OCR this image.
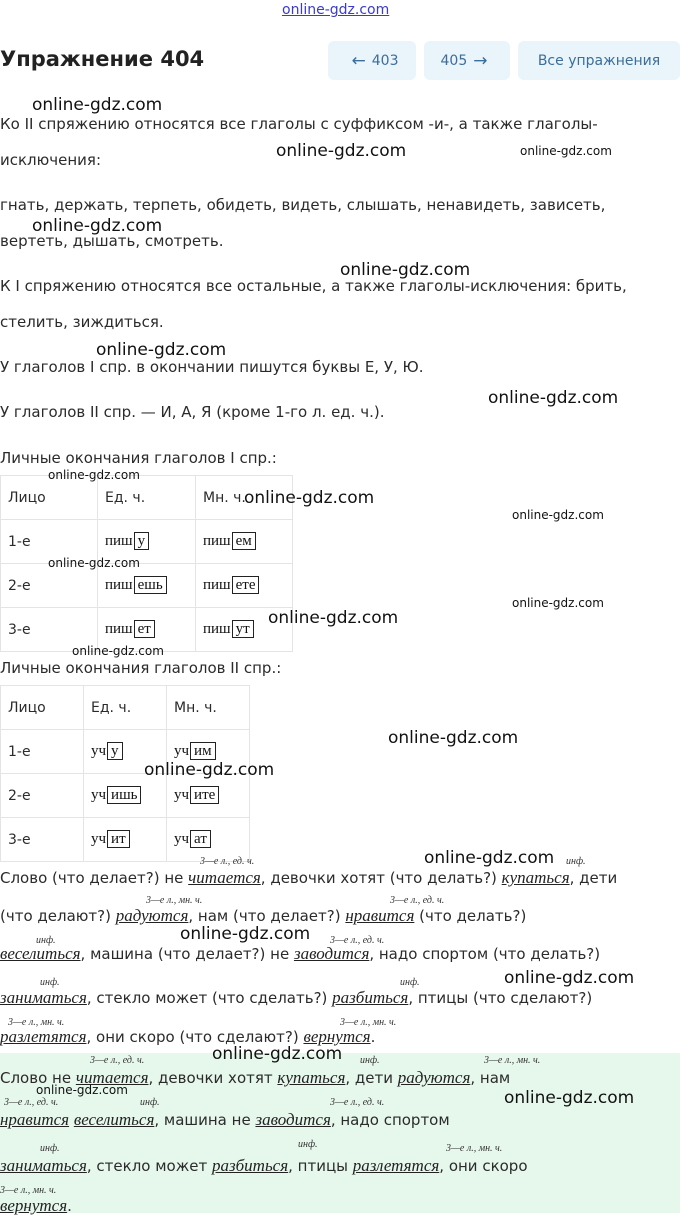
online-gdz.com
Упражнение 404	← 403	405 →	Все упражнения
Ко II спряжению относятся все глаголы с суффиксом -и-, а также глаголы-
исключения:
гнать, держать, терпеть, обидеть, видеть, слышать, ненавидеть, зависеть,
вертеть, дышать, смотреть.
К I спряжению относятся все остальные, а также глаголы-исключения: брить,
стелить, зиждиться.
У глаголов I спр. в окончании пишутся буквы Е, У, Ю.
У глаголов II спр. — И, А, Я (кроме 1-го л. ед. ч.).
Личные окончания глаголов I спр.:
Лицо	Ед. ч.	Мн. ч.
1-е	пиш у	пиш ем
2-е	пиш ешь	пиш ете
3-е	пиш ет	пиш ут
Личные окончания глаголов II спр.:
Лицо	Ед. ч.	Мн. ч.
1-е	уч у	уч им
2-е	уч ишь	уч ите
3-е	уч ит	уч ат
Слово (что делает?) не читается, девочки хотят (что делать?) купаться, дети
(что делают?) радуются, нам (что делает?) нравится (что делать?)
веселиться, машина (что делает?) не заводится, надо спортом (что делать?)
заниматься, стекло может (что сделать?) разбиться, птицы (что сделают?)
разлетятся, они скоро (что сделают?) вернутся.
3—е л., ед. ч.	инф.
3—е л., мн. ч.	3—е л., ед. ч.
инф.	3—е л., ед. ч.
инф.	инф.
3—е л., мн. ч.	3—е л., мн. ч.
Слово не читается, девочки хотят купаться, дети радуются, нам
нравится веселиться, машина не заводится, надо спортом
заниматься, стекло может разбиться, птицы разлетятся, они скоро
вернутся.
3—е л., ед. ч.	инф.	3—е л., мн. ч.
3—е л., ед. ч.	инф.	3—е л., ед. ч.
инф.	инф.	3—е л., мн. ч.
3—е л., мн. ч.
online-gdz.com
online-gdz.com	online-gdz.com
online-gdz.com
online-gdz.com
online-gdz.com
online-gdz.com
online-gdz.com
online-gdz.com
online-gdz.com
online-gdz.com
online-gdz.com
online-gdz.com
online-gdz.com
online-gdz.com
online-gdz.com
online-gdz.com
online-gdz.com
online-gdz.com
online-gdz.com
online-gdz.com	online-gdz.com
